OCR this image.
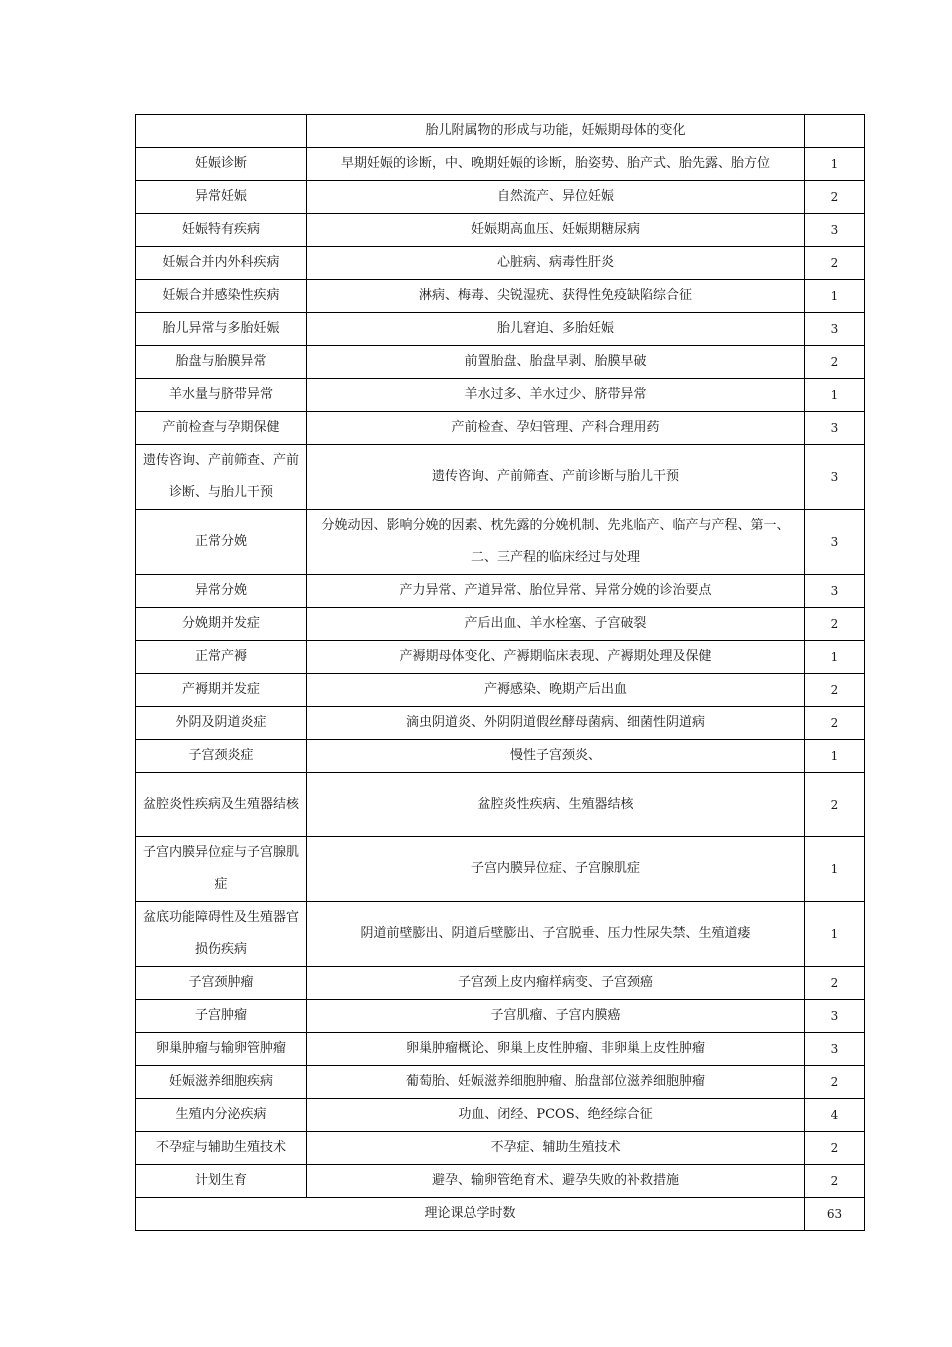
	胎儿附属物的形成与功能，妊娠期母体的变化	
妊娠诊断	早期妊娠的诊断，中、晚期妊娠的诊断，胎姿势、胎产式、胎先露、胎方位	1
异常妊娠	自然流产、异位妊娠	2
妊娠特有疾病	妊娠期高血压、妊娠期糖尿病	3
妊娠合并内外科疾病	心脏病、病毒性肝炎	2
妊娠合并感染性疾病	淋病、梅毒、尖锐湿疣、获得性免疫缺陷综合征	1
胎儿异常与多胎妊娠	胎儿窘迫、多胎妊娠	3
胎盘与胎膜异常	前置胎盘、胎盘早剥、胎膜早破	2
羊水量与脐带异常	羊水过多、羊水过少、脐带异常	1
产前检查与孕期保健	产前检查、孕妇管理、产科合理用药	3
遗传咨询、产前筛查、产前诊断、与胎儿干预	遗传咨询、产前筛查、产前诊断与胎儿干预	3
正常分娩	分娩动因、影响分娩的因素、枕先露的分娩机制、先兆临产、临产与产程、第一、二、三产程的临床经过与处理	3
异常分娩	产力异常、产道异常、胎位异常、异常分娩的诊治要点	3
分娩期并发症	产后出血、羊水栓塞、子宫破裂	2
正常产褥	产褥期母体变化、产褥期临床表现、产褥期处理及保健	1
产褥期并发症	产褥感染、晚期产后出血	2
外阴及阴道炎症	滴虫阴道炎、外阴阴道假丝酵母菌病、细菌性阴道病	2
子宫颈炎症	慢性子宫颈炎、	1
盆腔炎性疾病及生殖器结核	盆腔炎性疾病、生殖器结核	2
子宫内膜异位症与子宫腺肌症	子宫内膜异位症、子宫腺肌症	1
盆底功能障碍性及生殖器官损伤疾病	阴道前壁膨出、阴道后壁膨出、子宫脱垂、压力性尿失禁、生殖道瘘	1
子宫颈肿瘤	子宫颈上皮内瘤样病变、子宫颈癌	2
子宫肿瘤	子宫肌瘤、子宫内膜癌	3
卵巢肿瘤与输卵管肿瘤	卵巢肿瘤概论、卵巢上皮性肿瘤、非卵巢上皮性肿瘤	3
妊娠滋养细胞疾病	葡萄胎、妊娠滋养细胞肿瘤、胎盘部位滋养细胞肿瘤	2
生殖内分泌疾病	功血、闭经、PCOS、绝经综合征	4
不孕症与辅助生殖技术	不孕症、辅助生殖技术	2
计划生育	避孕、输卵管绝育术、避孕失败的补救措施	2
理论课总学时数		63
